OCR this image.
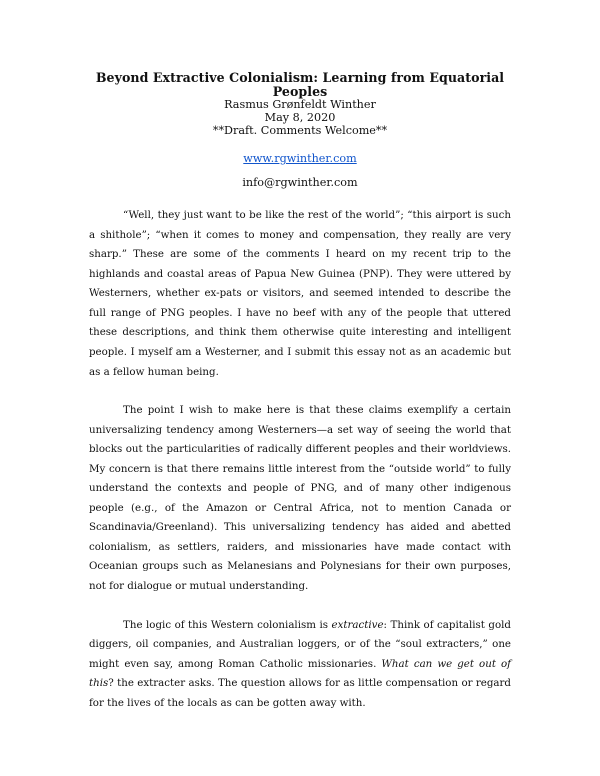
Beyond Extractive Colonialism: Learning from Equatorial Peoples
Rasmus Grønfeldt Winther
May 8, 2020
**Draft. Comments Welcome**
www.rgwinther.com
info@rgwinther.com

“Well, they just want to be like the rest of the world”; “this airport is such a shithole”; “when it comes to money and compensation, they really are very sharp.” These are some of the comments I heard on my recent trip to the highlands and coastal areas of Papua New Guinea (PNP). They were uttered by Westerners, whether ex-pats or visitors, and seemed intended to describe the full range of PNG peoples. I have no beef with any of the people that uttered these descriptions, and think them otherwise quite interesting and intelligent people. I myself am a Westerner, and I submit this essay not as an academic but as a fellow human being.

The point I wish to make here is that these claims exemplify a certain universalizing tendency among Westerners—a set way of seeing the world that blocks out the particularities of radically different peoples and their worldviews. My concern is that there remains little interest from the “outside world” to fully understand the contexts and people of PNG, and of many other indigenous people (e.g., of the Amazon or Central Africa, not to mention Canada or Scandinavia/Greenland). This universalizing tendency has aided and abetted colonialism, as settlers, raiders, and missionaries have made contact with Oceanian groups such as Melanesians and Polynesians for their own purposes, not for dialogue or mutual understanding.

The logic of this Western colonialism is extractive: Think of capitalist gold diggers, oil companies, and Australian loggers, or of the “soul extracters,” one might even say, among Roman Catholic missionaries. What can we get out of this? the extracter asks. The question allows for as little compensation or regard for the lives of the locals as can be gotten away with.
